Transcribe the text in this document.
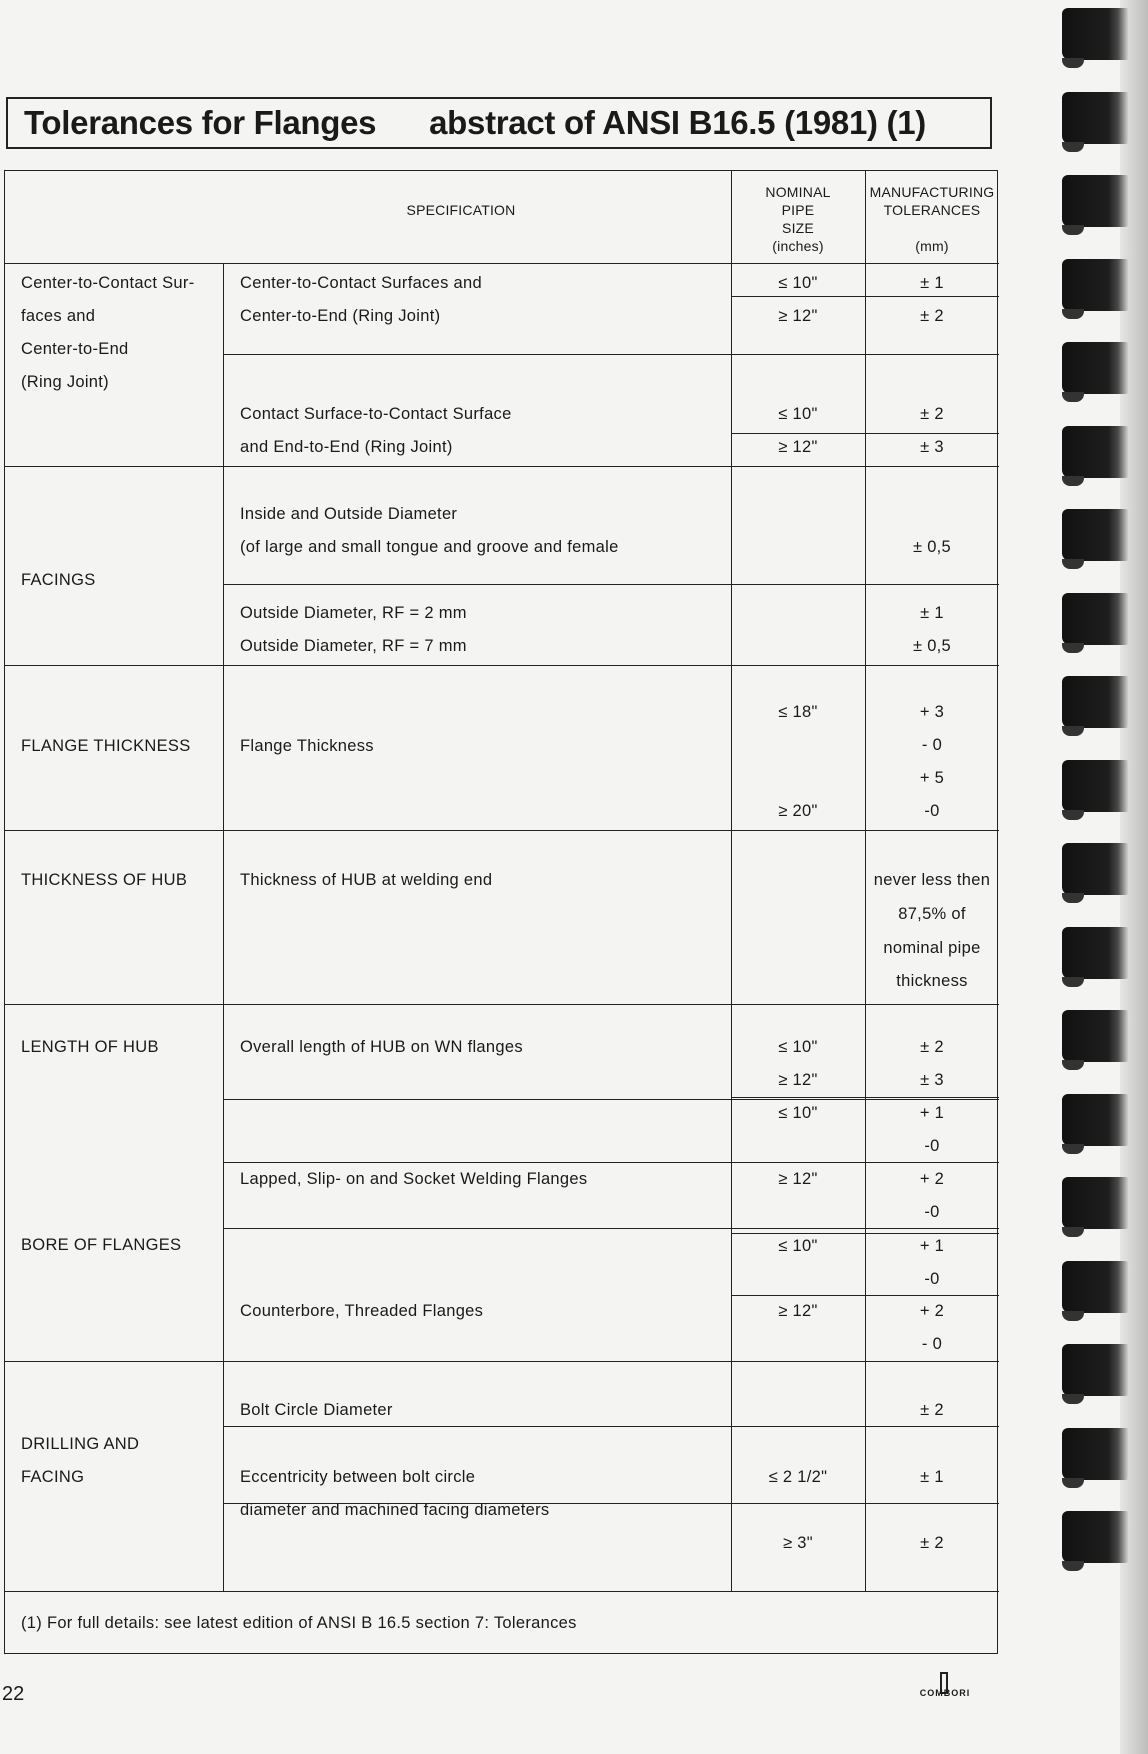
Tolerances for Flanges abstract of ANSI B16.5 (1981) (1)
SPECIFICATION
NOMINAL
PIPE
SIZE
(inches)
MANUFACTURING
TOLERANCES
(mm)
Center-to-Contact Sur-
faces and
Center-to-End
(Ring Joint)
FACINGS
FLANGE THICKNESS
THICKNESS OF HUB
LENGTH OF HUB
BORE OF FLANGES
DRILLING AND
FACING
Center-to-Contact Surfaces and
Center-to-End (Ring Joint)
Contact Surface-to-Contact Surface
and End-to-End (Ring Joint)
Inside and Outside Diameter
(of large and small tongue and groove and female
Outside Diameter, RF = 2 mm
Outside Diameter, RF = 7 mm
Flange Thickness
Thickness of HUB at welding end
Overall length of HUB on WN flanges
Lapped, Slip- on and Socket Welding Flanges
Counterbore, Threaded Flanges
Bolt Circle Diameter
Eccentricity between bolt circle
diameter and machined facing diameters
≤ 10"
≥ 12"
≤ 10"
≥ 12"
≤ 18"
≥ 20"
≤ 10"
≥ 12"
≤ 10"
≥ 12"
≤ 10"
≥ 12"
≤ 2 1/2"
≥ 3"
± 1
± 2
± 2
± 3
± 0,5
± 1
± 0,5
+ 3
- 0
+ 5
-0
never less then
87,5% of
nominal pipe
thickness
± 2
± 3
+ 1
-0
+ 2
-0
+ 1
-0
+ 2
- 0
± 2
± 1
± 2
(1) For full details: see latest edition of ANSI B 16.5 section 7: Tolerances
22	COMBORI
